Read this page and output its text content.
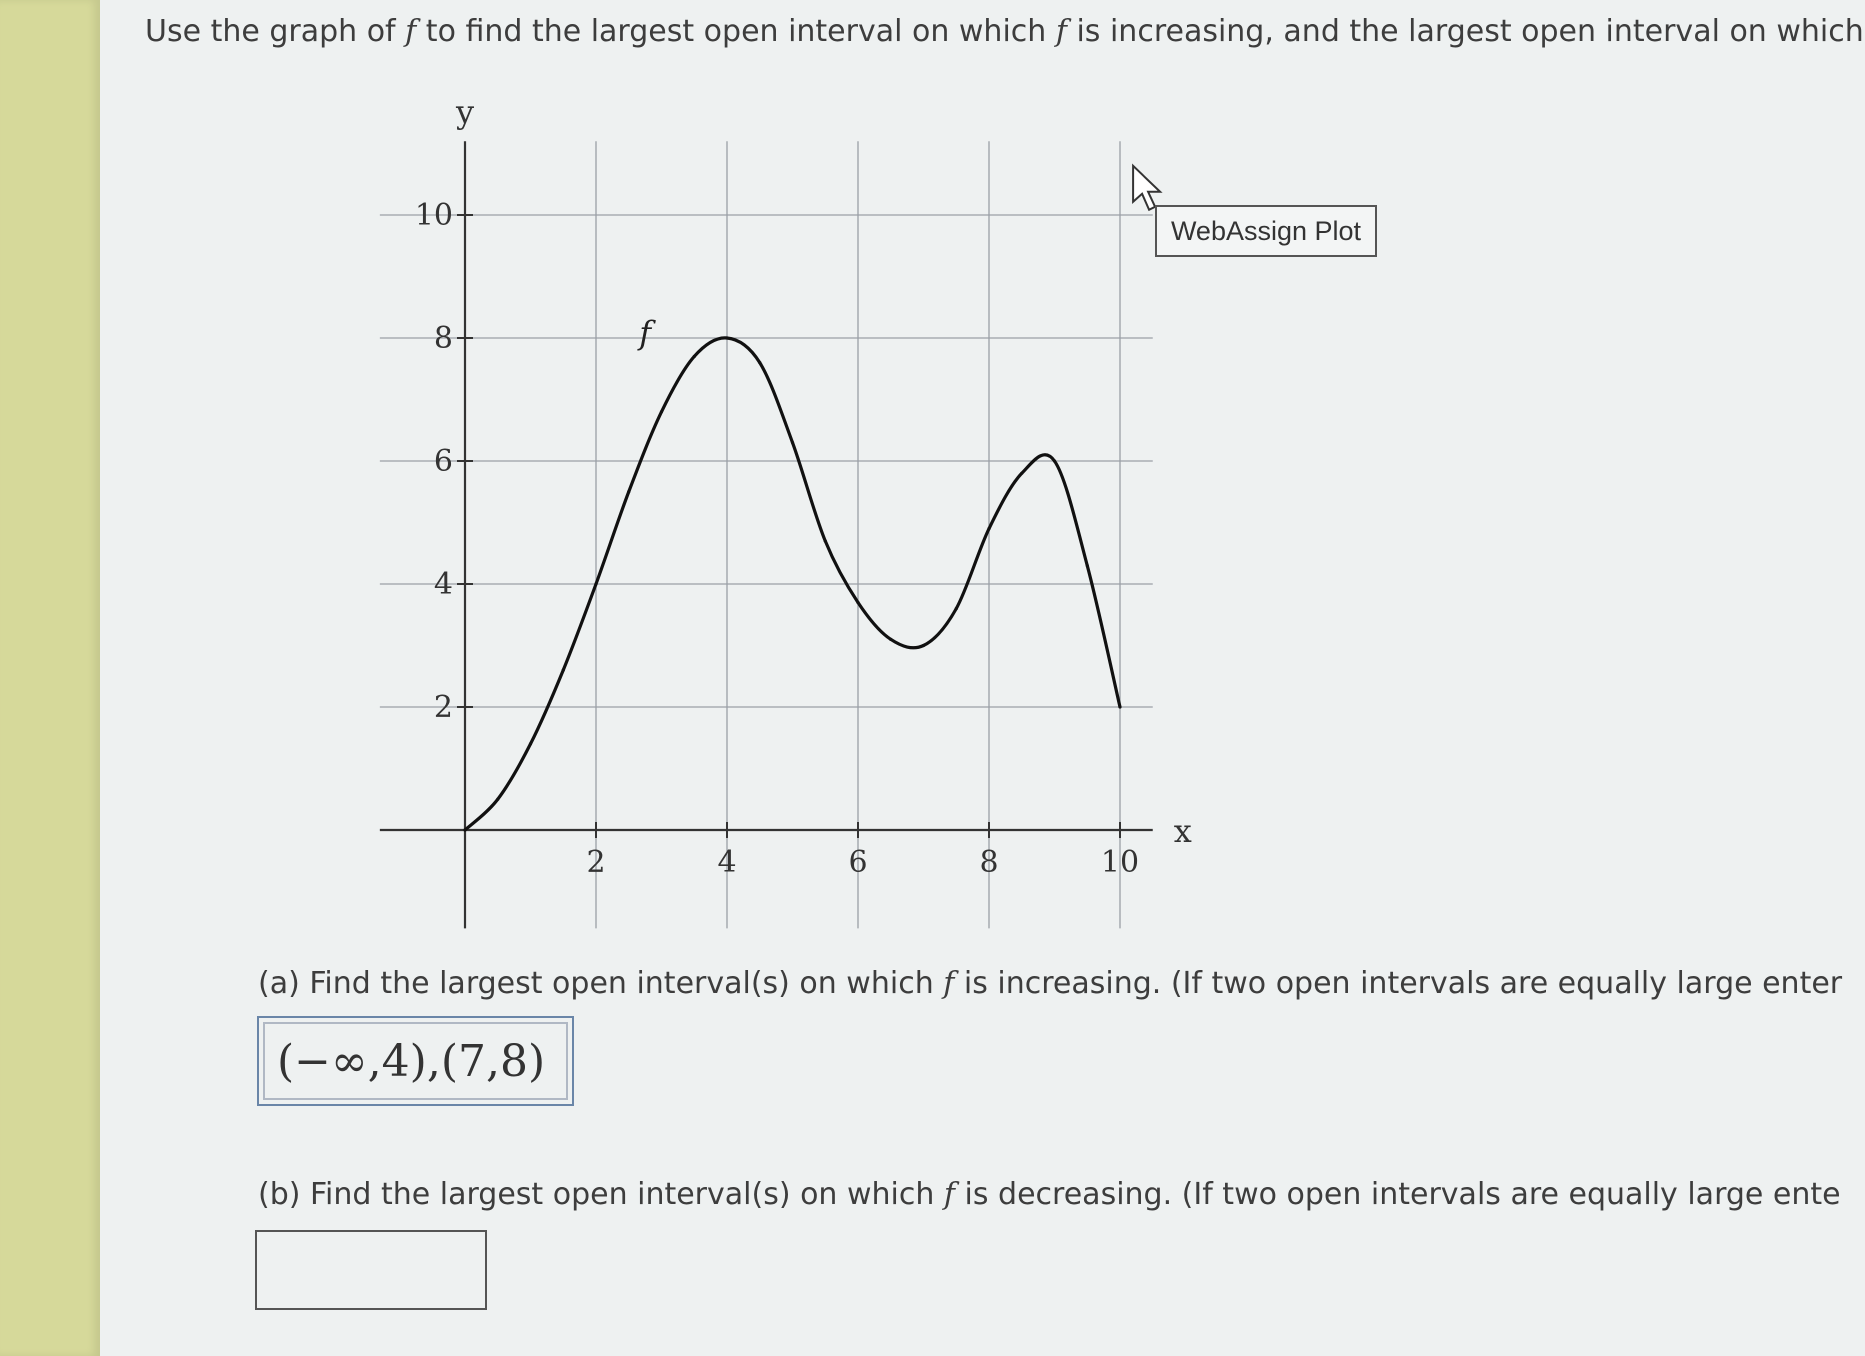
Use the graph of f to find the largest open interval on which f is increasing, and the largest open interval on which
2	4	6	8	10
2
4
6
8
10
x
y
f
WebAssign Plot
(a) Find the largest open interval(s) on which f is increasing. (If two open intervals are equally large enter
(−∞,4),(7,8)
(b) Find the largest open interval(s) on which f is decreasing. (If two open intervals are equally large ente
